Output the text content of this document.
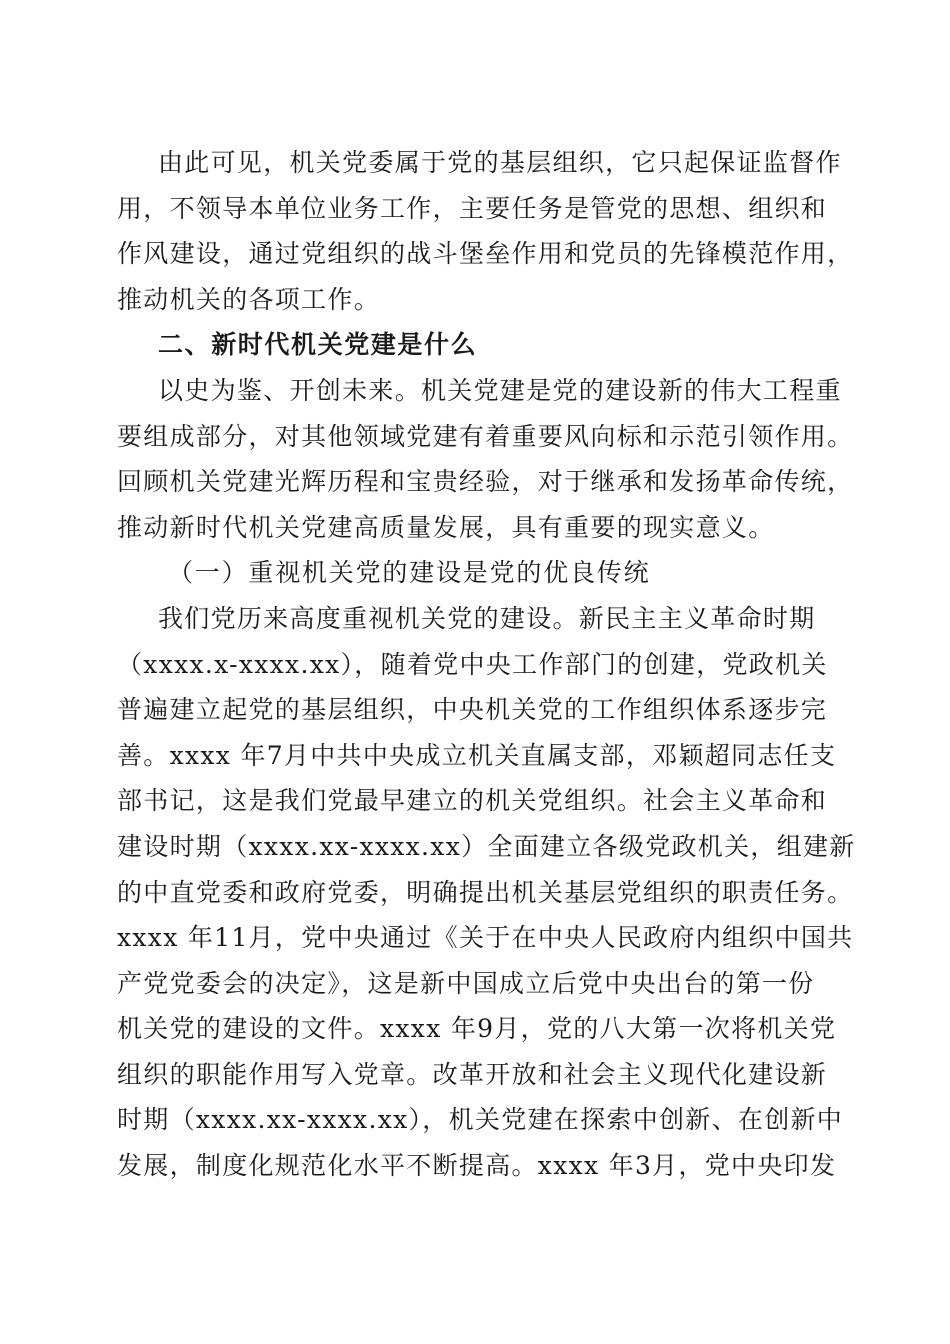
由此可见，机关党委属于党的基层组织，它只起保证监督作
用，不领导本单位业务工作，主要任务是管党的思想、组织和
作风建设，通过党组织的战斗堡垒作用和党员的先锋模范作用，
推动机关的各项工作。
二、新时代机关党建是什么
以史为鉴、开创未来。机关党建是党的建设新的伟大工程重
要组成部分，对其他领域党建有着重要风向标和示范引领作用。
回顾机关党建光辉历程和宝贵经验，对于继承和发扬革命传统，
推动新时代机关党建高质量发展，具有重要的现实意义。
（一）重视机关党的建设是党的优良传统
我们党历来高度重视机关党的建设。新民主主义革命时期
（xxxx.x-xxxx.xx），随着党中央工作部门的创建，党政机关
普遍建立起党的基层组织，中央机关党的工作组织体系逐步完
善。xxxx 年7月中共中央成立机关直属支部，邓颖超同志任支
部书记，这是我们党最早建立的机关党组织。社会主义革命和
建设时期（xxxx.xx-xxxx.xx）全面建立各级党政机关，组建新
的中直党委和政府党委，明确提出机关基层党组织的职责任务。
xxxx 年11月，党中央通过《关于在中央人民政府内组织中国共
产党党委会的决定》，这是新中国成立后党中央出台的第一份
机关党的建设的文件。xxxx 年9月，党的八大第一次将机关党
组织的职能作用写入党章。改革开放和社会主义现代化建设新
时期（xxxx.xx-xxxx.xx），机关党建在探索中创新、在创新中
发展，制度化规范化水平不断提高。xxxx 年3月，党中央印发
